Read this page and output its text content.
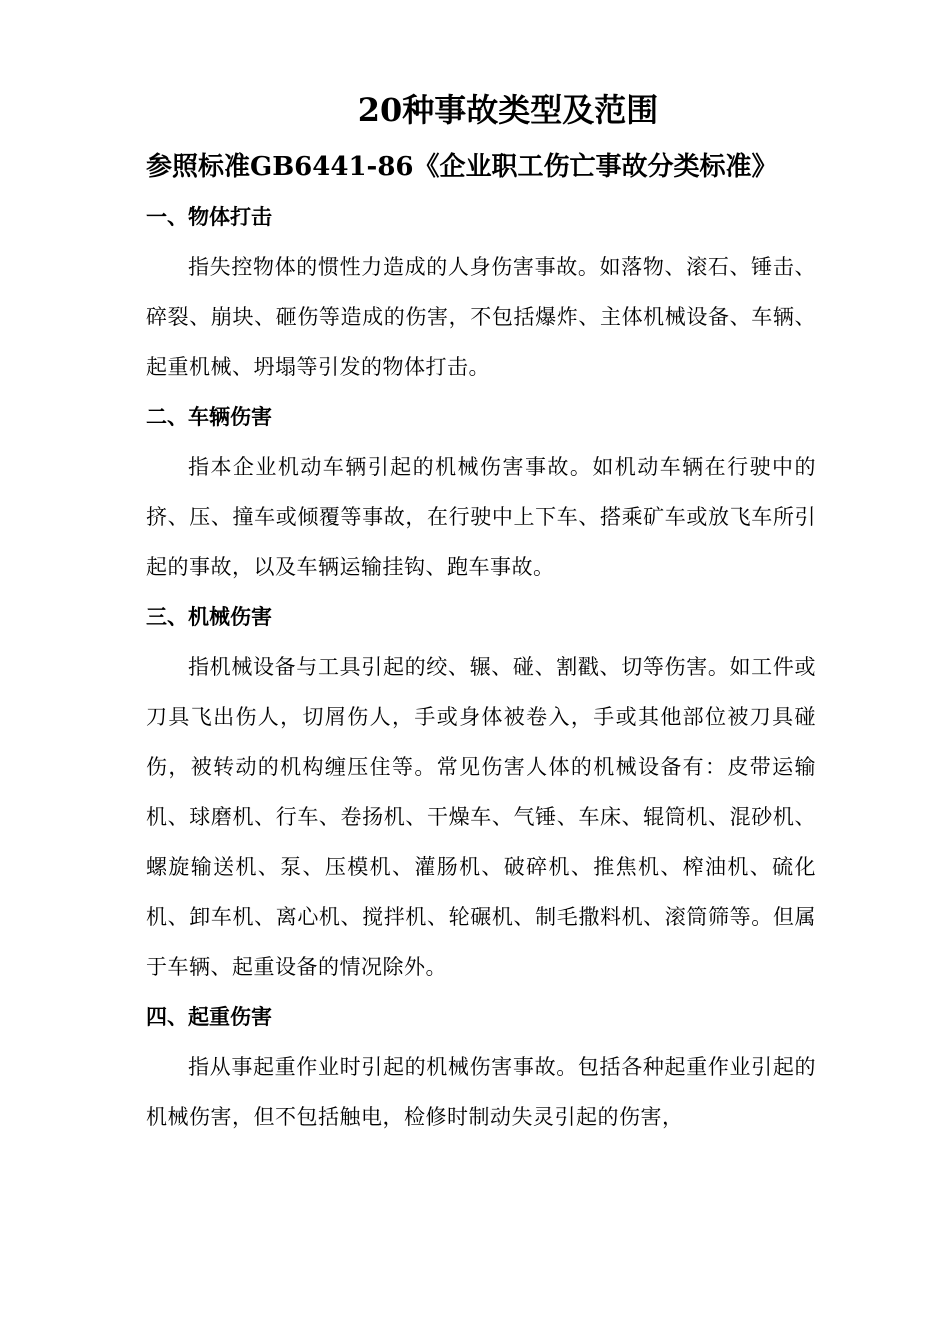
20种事故类型及范围
参照标准GB6441-86《企业职工伤亡事故分类标准》
一、物体打击

指失控物体的惯性力造成的人身伤害事故。如落物、滚石、锤击、碎裂、崩块、砸伤等造成的伤害，不包括爆炸、主体机械设备、车辆、起重机械、坍塌等引发的物体打击。

二、车辆伤害

指本企业机动车辆引起的机械伤害事故。如机动车辆在行驶中的挤、压、撞车或倾覆等事故，在行驶中上下车、搭乘矿车或放飞车所引起的事故，以及车辆运输挂钩、跑车事故。

三、机械伤害

指机械设备与工具引起的绞、辗、碰、割戳、切等伤害。如工件或刀具飞出伤人，切屑伤人，手或身体被卷入，手或其他部位被刀具碰伤，被转动的机构缠压住等。常见伤害人体的机械设备有：皮带运输机、球磨机、行车、卷扬机、干燥车、气锤、车床、辊筒机、混砂机、螺旋输送机、泵、压模机、灌肠机、破碎机、推焦机、榨油机、硫化机、卸车机、离心机、搅拌机、轮碾机、制毛撒料机、滚筒筛等。但属于车辆、起重设备的情况除外。

四、起重伤害

指从事起重作业时引起的机械伤害事故。包括各种起重作业引起的机械伤害，但不包括触电，检修时制动失灵引起的伤害，
